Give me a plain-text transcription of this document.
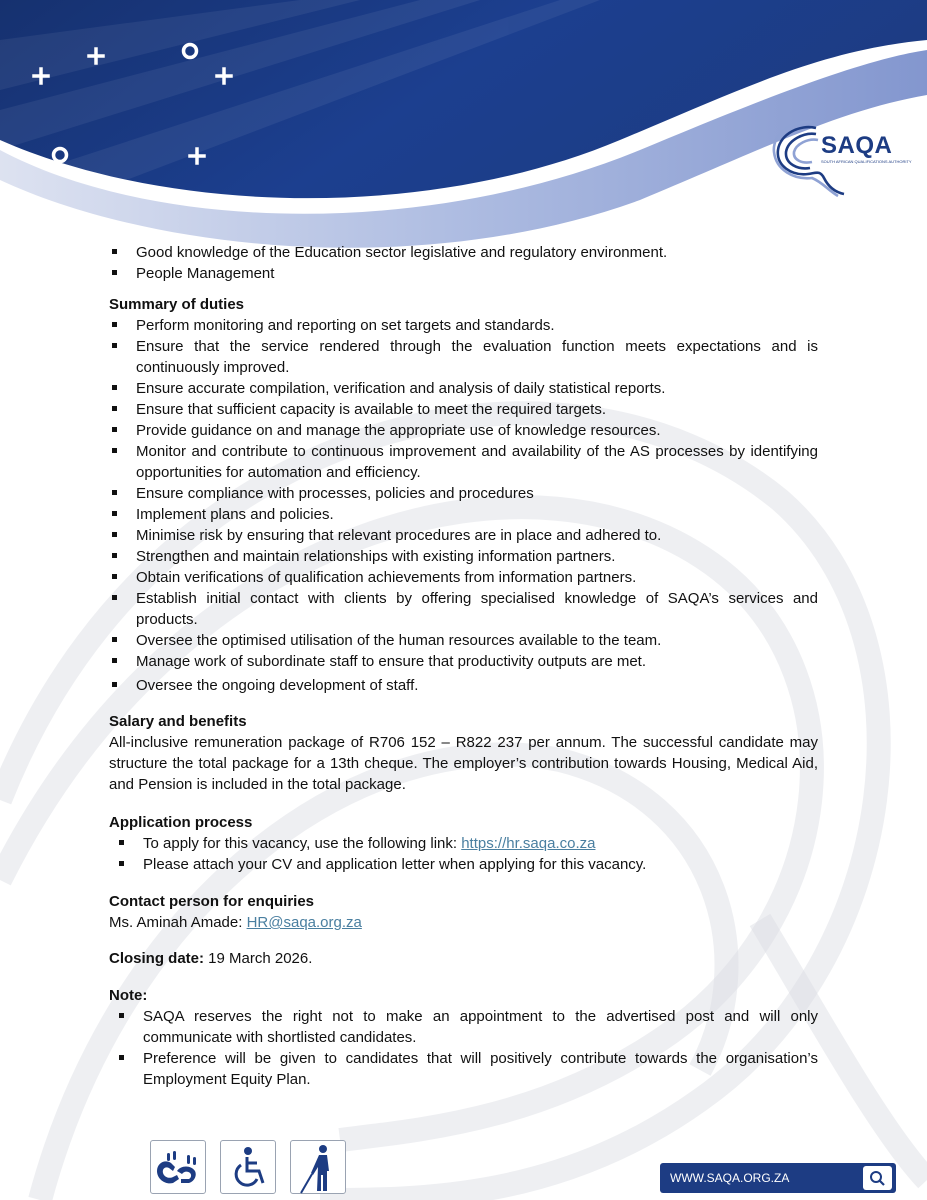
SAQA
SOUTH AFRICAN QUALIFICATIONS AUTHORITY
Good knowledge of the Education sector legislative and regulatory environment.
People Management
Summary of duties
Perform monitoring and reporting on set targets and standards.
Ensure that the service rendered through the evaluation function meets expectations and is continuously improved.
Ensure accurate compilation, verification and analysis of daily statistical reports.
Ensure that sufficient capacity is available to meet the required targets.
Provide guidance on and manage the appropriate use of knowledge resources.
Monitor and contribute to continuous improvement and availability of the AS processes by identifying opportunities for automation and efficiency.
Ensure compliance with processes, policies and procedures
Implement plans and policies.
Minimise risk by ensuring that relevant procedures are in place and adhered to.
Strengthen and maintain relationships with existing information partners.
Obtain verifications of qualification achievements from information partners.
Establish initial contact with clients by offering specialised knowledge of SAQA’s services and products.
Oversee the optimised utilisation of the human resources available to the team.
Manage work of subordinate staff to ensure that productivity outputs are met.
Oversee the ongoing development of staff.
Salary and benefits

All-inclusive remuneration package of R706 152 – R822 237 per annum. The successful candidate may structure the total package for a 13th cheque. The employer’s contribution towards Housing, Medical Aid, and Pension is included in the total package.

Application process
To apply for this vacancy, use the following link: https://hr.saqa.co.za
Please attach your CV and application letter when applying for this vacancy.
Contact person for enquiries

Ms. Aminah Amade: HR@saqa.org.za

Closing date: 19 March 2026.

Note:
SAQA reserves the right not to make an appointment to the advertised post and will only communicate with shortlisted candidates.
Preference will be given to candidates that will positively contribute towards the organisation’s Employment Equity Plan.
WWW.SAQA.ORG.ZA
